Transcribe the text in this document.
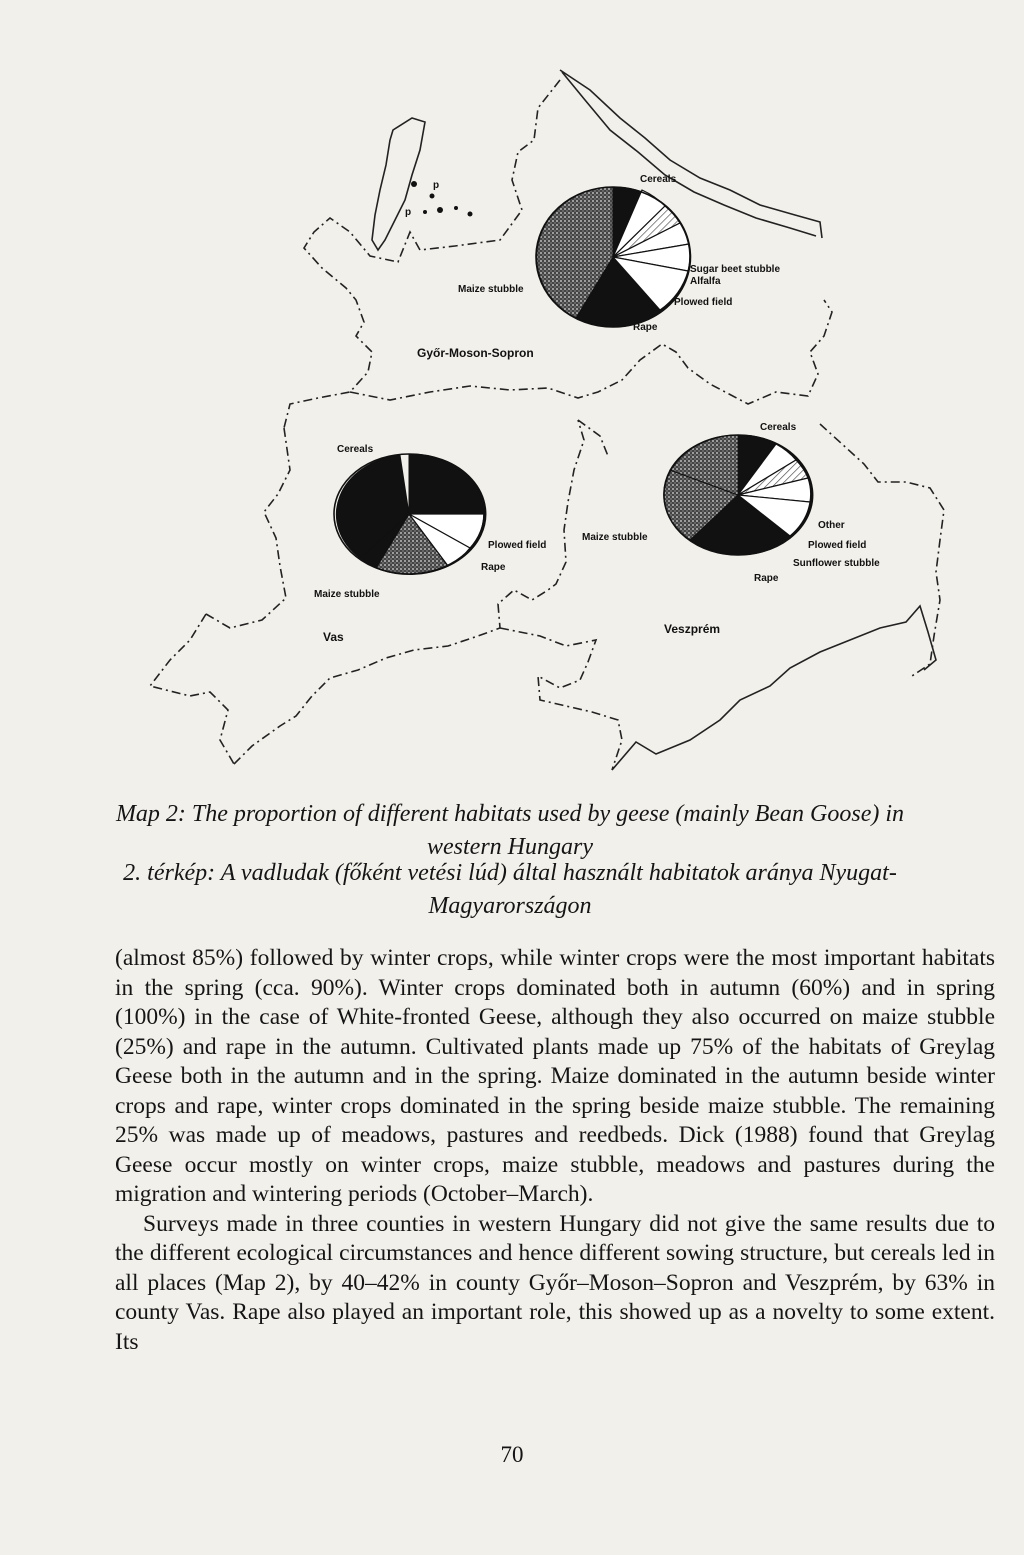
p
p
Győr-Moson-Sopron
Vas
Veszprém
Cereals
Maize stubble
Sugar beet stubble
Alfalfa
Plowed field
Rape
Cereals
Maize stubble
Plowed field
Rape
Cereals
Maize stubble
Other
Plowed field
Sunflower stubble
Rape
Map 2: The proportion of different habitats used by geese (mainly Bean Goose) in western Hungary
2. térkép: A vadludak (főként vetési lúd) által használt habitatok aránya Nyugat-Magyarországon

(almost 85%) followed by winter crops, while winter crops were the most important habitats in the spring (cca. 90%). Winter crops dominated both in autumn (60%) and in spring (100%) in the case of White-fronted Geese, although they also occurred on maize stubble (25%) and rape in the autumn. Cultivated plants made up 75% of the habitats of Greylag Geese both in the autumn and in the spring. Maize dominated in the autumn beside winter crops and rape, winter crops dominated in the spring beside maize stubble. The remaining 25% was made up of meadows, pastures and reedbeds. Dick (1988) found that Greylag Geese occur mostly on winter crops, maize stubble, meadows and pastures during the migration and wintering periods (October–March).

Surveys made in three counties in western Hungary did not give the same results due to the different ecological circumstances and hence different sowing structure, but cereals led in all places (Map 2), by 40–42% in county Győr–Moson–Sopron and Veszprém, by 63% in county Vas. Rape also played an important role, this showed up as a novelty to some extent. Its

70
